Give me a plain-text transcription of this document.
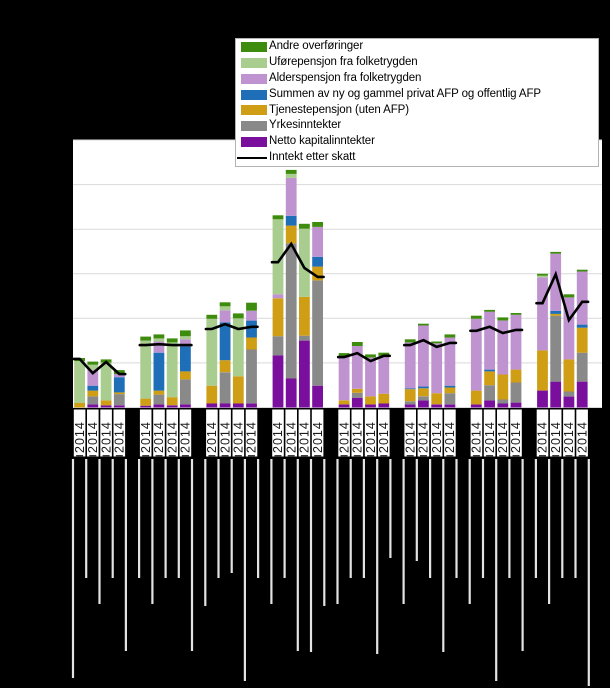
2014 2014 2014 2014 2014 2014 2014 2014 2014 2014 2014 2014 2014 2014 2014 2014 2014 2014 2014 2014 2014 2014 2014 2014 2014 2014 2014 2014 2014 2014 2014 2014
Andre overføringer
Uførepensjon fra folketrygden
Alderspensjon fra folketrygden
Summen av ny og gammel privat AFP og offentlig AFP
Tjenestepensjon (uten AFP)
Yrkesinntekter
Netto kapitalinntekter
Inntekt etter skatt
